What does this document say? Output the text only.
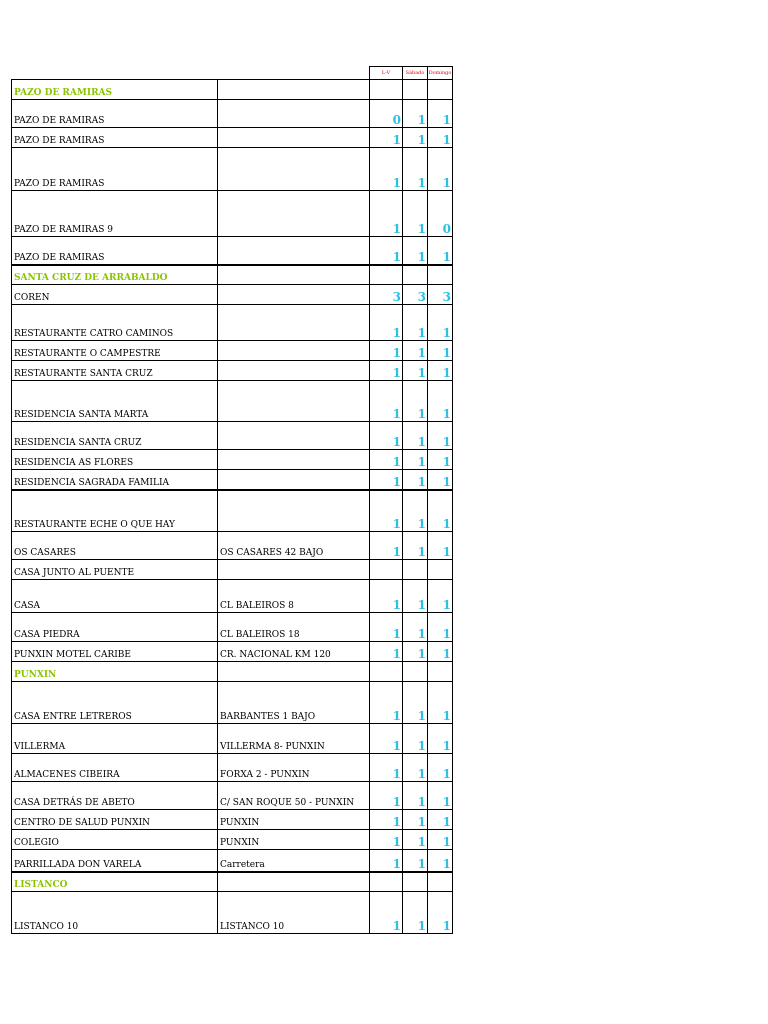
		L-V	Sábado	Domingo
PAZO DE RAMIRAS				
PAZO DE RAMIRAS		0	1	1
PAZO DE RAMIRAS		1	1	1
PAZO DE RAMIRAS		1	1	1
PAZO DE RAMIRAS 9		1	1	0
PAZO DE RAMIRAS		1	1	1
SANTA CRUZ DE ARRABALDO				
COREN		3	3	3
RESTAURANTE CATRO CAMINOS		1	1	1
RESTAURANTE O CAMPESTRE		1	1	1
RESTAURANTE SANTA CRUZ		1	1	1
RESIDENCIA SANTA MARTA		1	1	1
RESIDENCIA SANTA CRUZ		1	1	1
RESIDENCIA AS FLORES		1	1	1
RESIDENCIA SAGRADA FAMILIA		1	1	1
RESTAURANTE ECHE O QUE HAY		1	1	1
OS CASARES	OS CASARES 42 BAJO	1	1	1
CASA JUNTO AL PUENTE				
CASA	CL BALEIROS 8	1	1	1
CASA PIEDRA	CL BALEIROS 18	1	1	1
PUNXIN MOTEL CARIBE	CR. NACIONAL KM 120	1	1	1
PUNXIN				
CASA ENTRE LETREROS	BARBANTES 1 BAJO	1	1	1
VILLERMA	VILLERMA 8- PUNXIN	1	1	1
ALMACENES CIBEIRA	FORXA 2 - PUNXIN	1	1	1
CASA DETRÁS DE ABETO	C/ SAN ROQUE 50 - PUNXIN	1	1	1
CENTRO DE SALUD PUNXIN	PUNXIN	1	1	1
COLEGIO	PUNXIN	1	1	1
PARRILLADA DON VARELA	Carretera	1	1	1
LISTANCO				
LISTANCO 10	LISTANCO 10	1	1	1
